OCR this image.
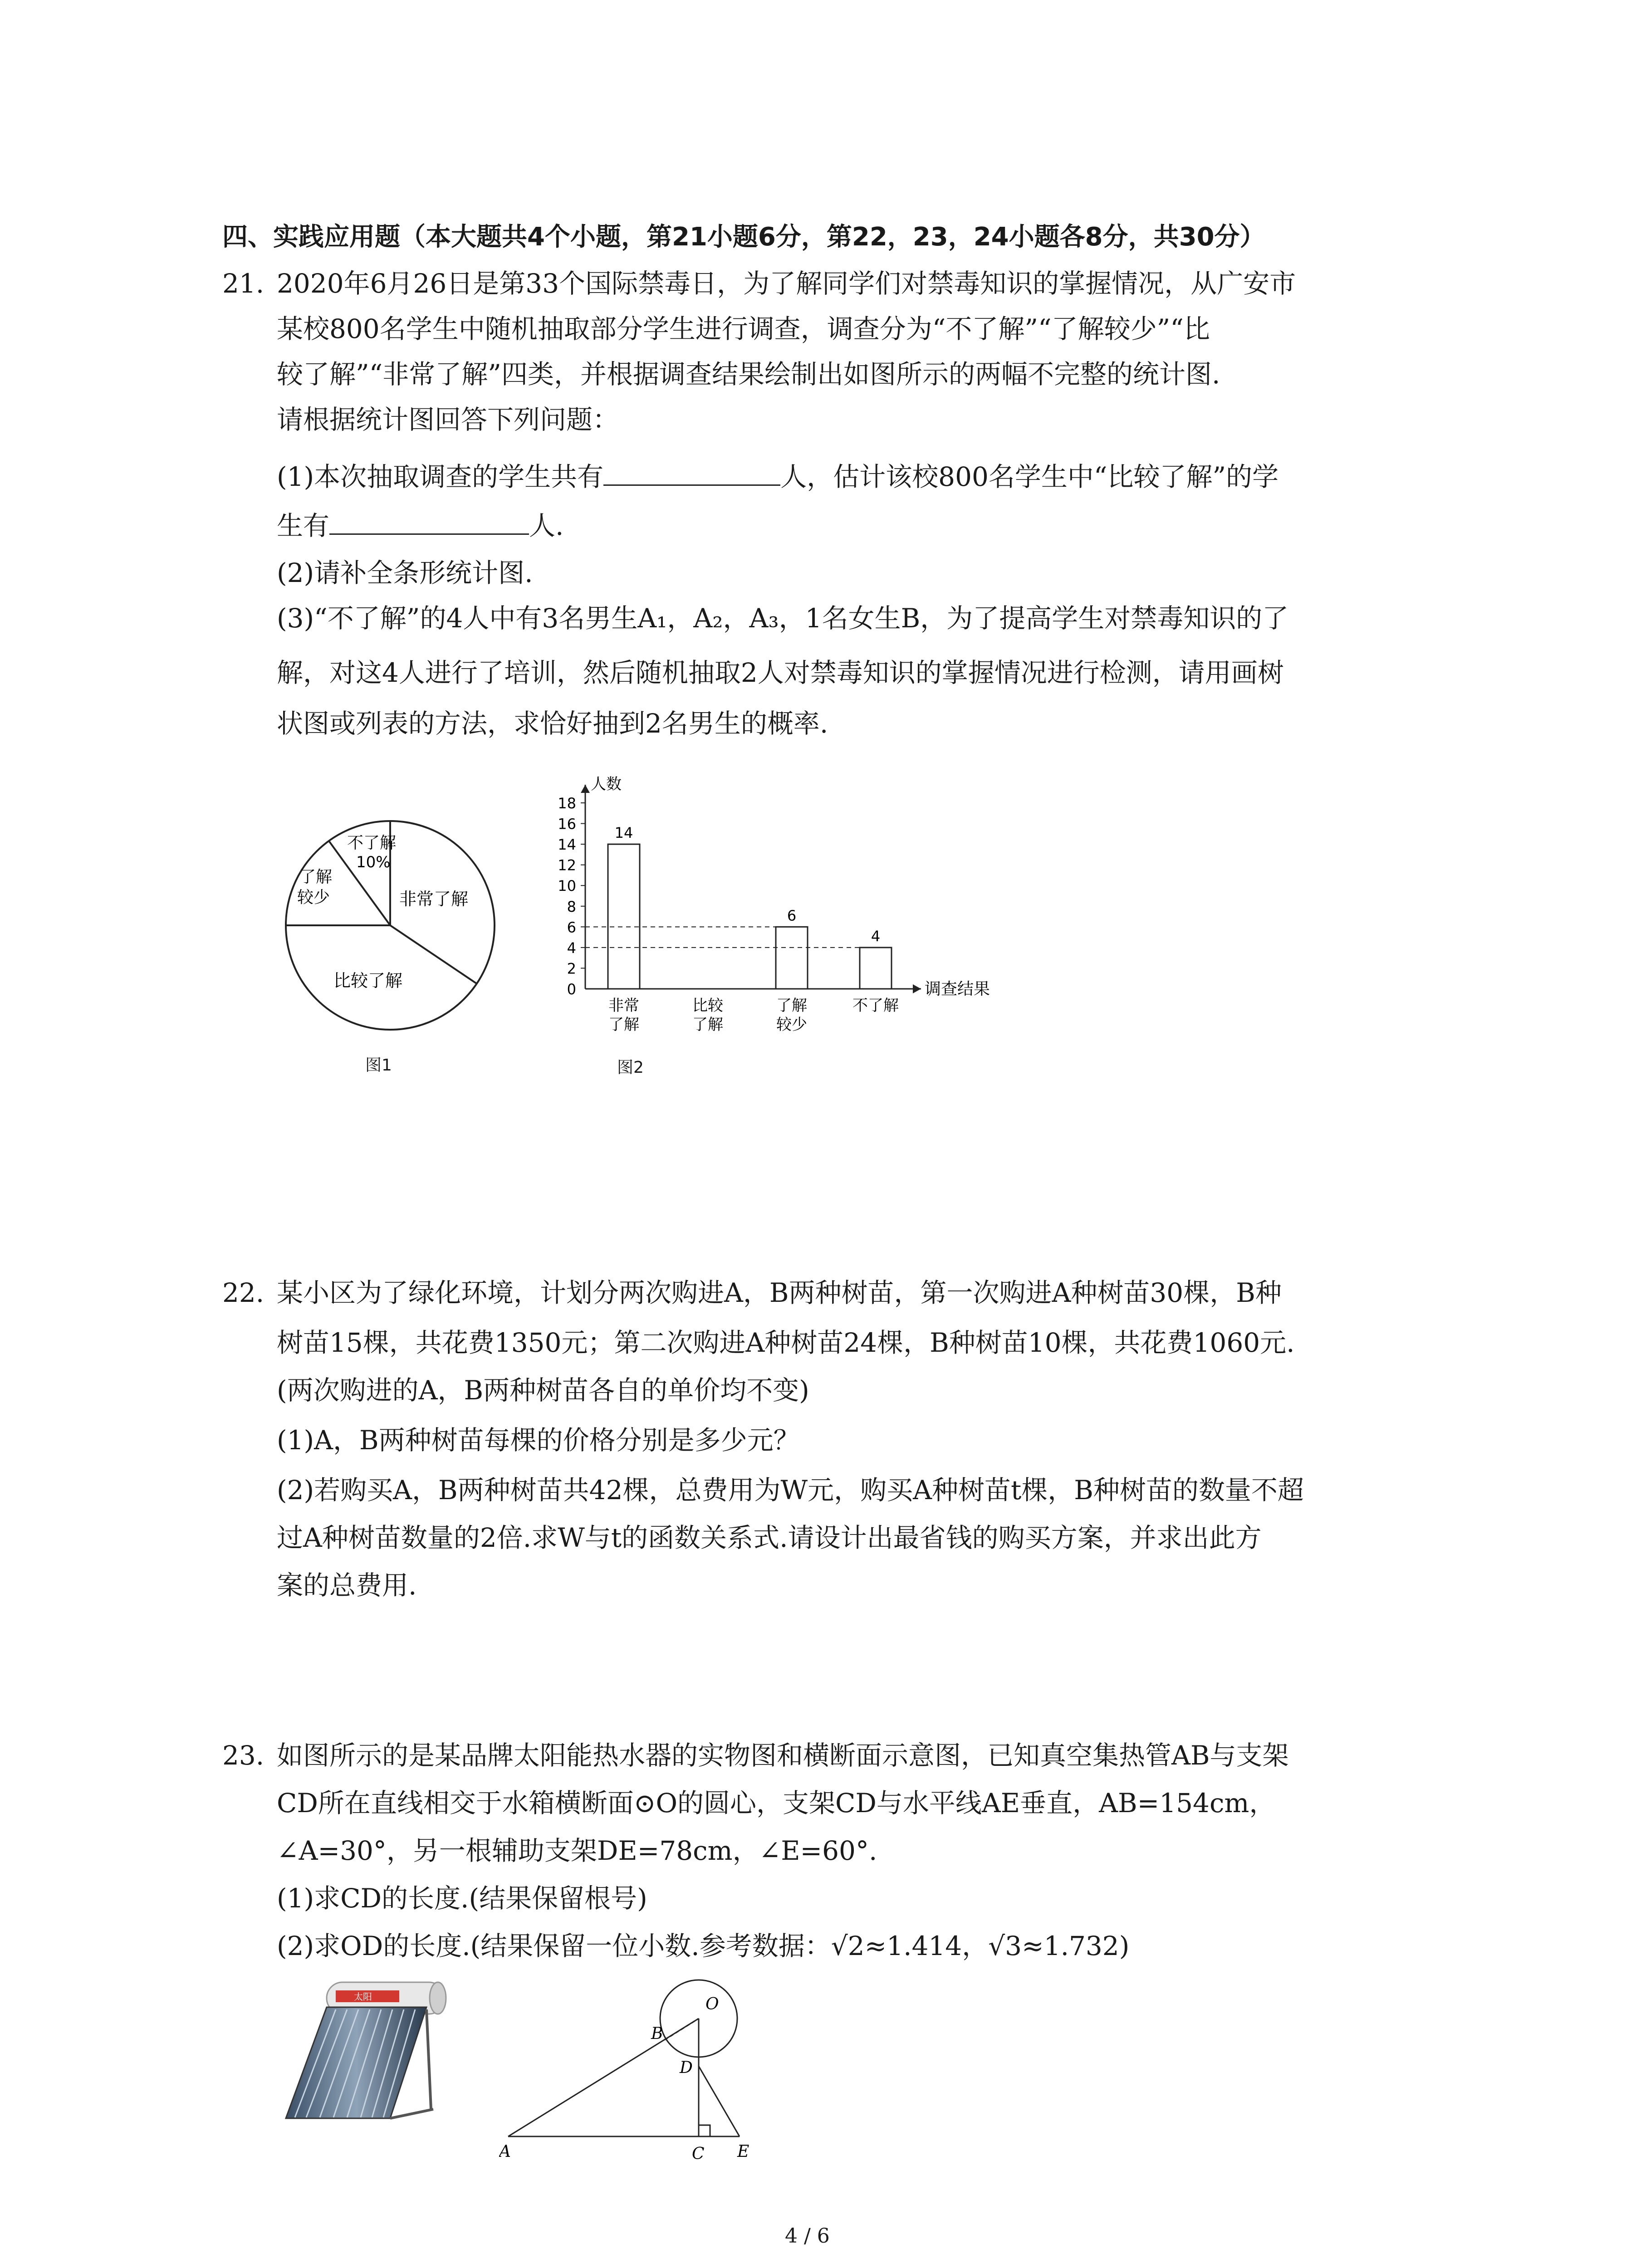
四、实践应用题（本大题共4个小题，第21小题6分，第22，23，24小题各8分，共30分）
21. 2020年6月26日是第33个国际禁毒日，为了解同学们对禁毒知识的掌握情况，从广安市
某校800名学生中随机抽取部分学生进行调查，调查分为“不了解”“了解较少”“比
较了解”“非常了解”四类，并根据调查结果绘制出如图所示的两幅不完整的统计图.
请根据统计图回答下列问题：
(1)本次抽取调查的学生共有	人，估计该校800名学生中“比较了解”的学
生有	人.
(2)请补全条形统计图.
(3)“不了解”的4人中有3名男生A₁，A₂，A₃，1名女生B，为了提高学生对禁毒知识的了
解，对这4人进行了培训，然后随机抽取2人对禁毒知识的掌握情况进行检测，请用画树
状图或列表的方法，求恰好抽到2名男生的概率.
不了解
10%
了解
较少	非常了解
比较了解
图1
人数
调查结果
0
2
4
6
8
10
12
14
16
18
非常
了解
14
比较
了解
了解
较少
6
不了解
4
图2
22. 某小区为了绿化环境，计划分两次购进A，B两种树苗，第一次购进A种树苗30棵，B种
树苗15棵，共花费1350元；第二次购进A种树苗24棵，B种树苗10棵，共花费1060元.
(两次购进的A，B两种树苗各自的单价均不变)
(1)A，B两种树苗每棵的价格分别是多少元？
(2)若购买A，B两种树苗共42棵，总费用为W元，购买A种树苗t棵，B种树苗的数量不超
过A种树苗数量的2倍.求W与t的函数关系式.请设计出最省钱的购买方案，并求出此方
案的总费用.
23. 如图所示的是某品牌太阳能热水器的实物图和横断面示意图，已知真空集热管AB与支架
CD所在直线相交于水箱横断面⊙O的圆心，支架CD与水平线AE垂直，AB=154cm，
∠A=30°，另一根辅助支架DE=78cm，∠E=60°.
(1)求CD的长度.(结果保留根号)
(2)求OD的长度.(结果保留一位小数.参考数据：√2≈1.414，√3≈1.732)
太阳	O
B
D
A	C E
4 / 6
